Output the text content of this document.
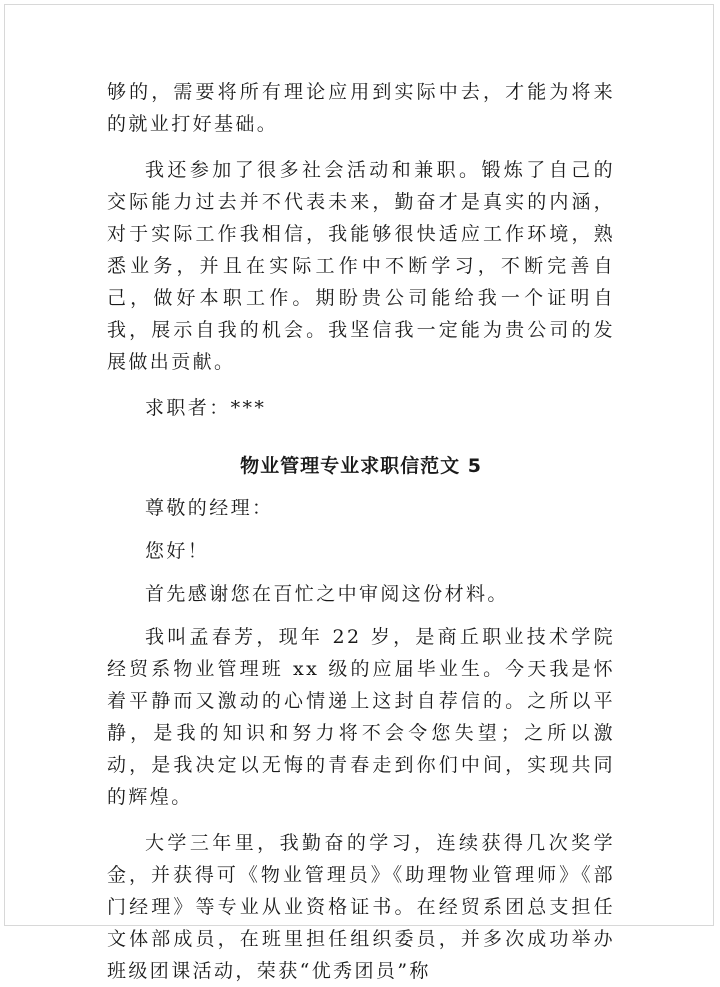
够的，需要将所有理论应用到实际中去，才能为将来的就业打好基础。

我还参加了很多社会活动和兼职。锻炼了自己的交际能力过去并不代表未来，勤奋才是真实的内涵，对于实际工作我相信，我能够很快适应工作环境，熟悉业务，并且在实际工作中不断学习，不断完善自己，做好本职工作。期盼贵公司能给我一个证明自我，展示自我的机会。我坚信我一定能为贵公司的发展做出贡献。

求职者：***

物业管理专业求职信范文 5

尊敬的经理：

您好！

首先感谢您在百忙之中审阅这份材料。

我叫孟春芳，现年 22 岁，是商丘职业技术学院经贸系物业管理班 xx 级的应届毕业生。今天我是怀着平静而又激动的心情递上这封自荐信的。之所以平静，是我的知识和努力将不会令您失望；之所以激动，是我决定以无悔的青春走到你们中间，实现共同的辉煌。

大学三年里，我勤奋的学习，连续获得几次奖学金，并获得可《物业管理员》《助理物业管理师》《部门经理》等专业从业资格证书。在经贸系团总支担任文体部成员，在班里担任组织委员，并多次成功举办班级团课活动，荣获“优秀团员”称
